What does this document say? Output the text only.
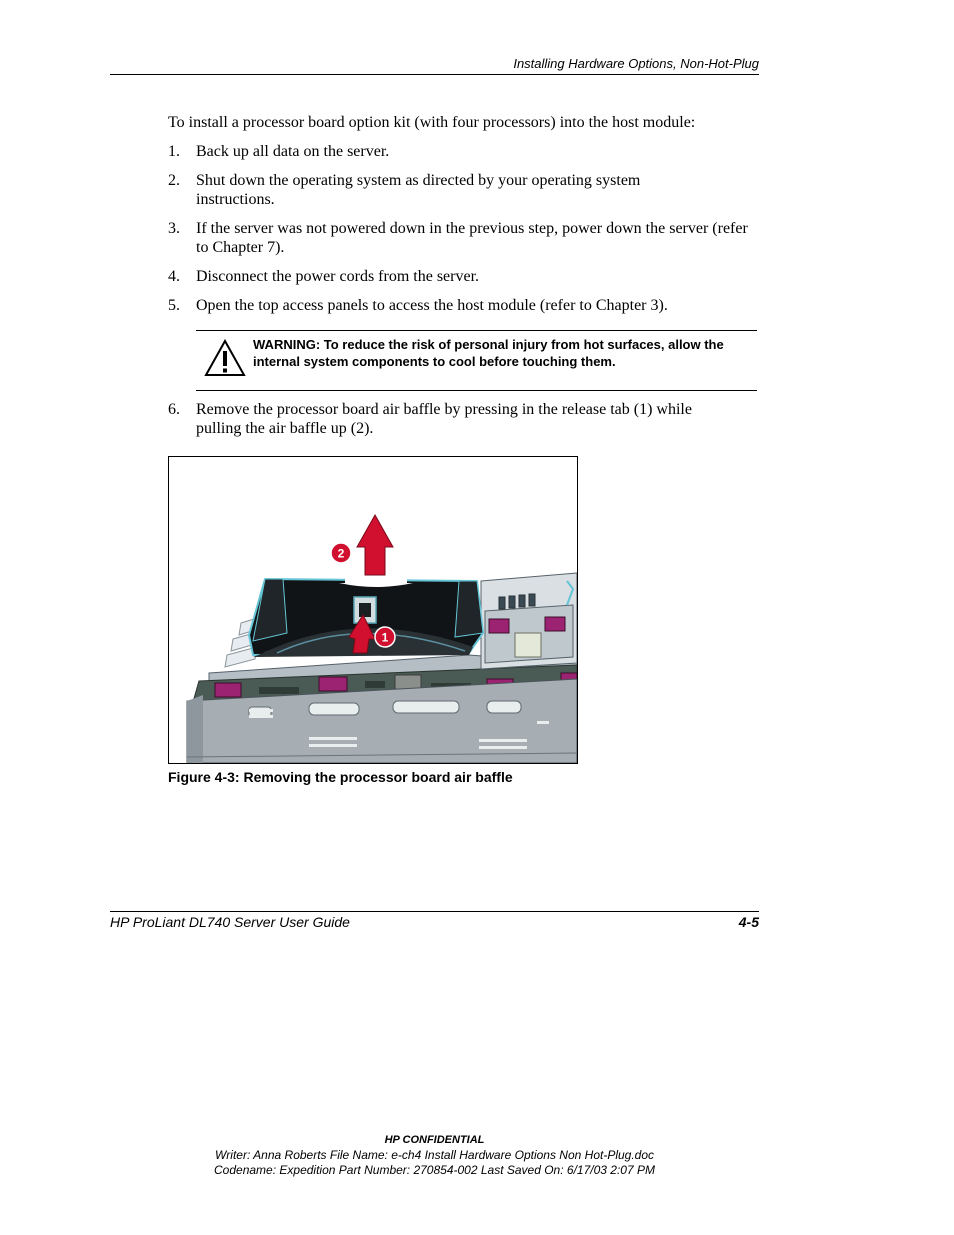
Installing Hardware Options, Non-Hot-Plug
To install a processor board option kit (with four processors) into the host module:
1.	Back up all data on the server.
2.	Shut down the operating system as directed by your operating system instructions.
3.	If the server was not powered down in the previous step, power down the server (refer to Chapter 7).
4.	Disconnect the power cords from the server.
5.	Open the top access panels to access the host module (refer to Chapter 3).
WARNING: To reduce the risk of personal injury from hot surfaces, allow the internal system components to cool before touching them.
6.	Remove the processor board air baffle by pressing in the release tab (1) while pulling the air baffle up (2).
2
1
Figure 4-3: Removing the processor board air baffle
HP ProLiant DL740 Server User Guide	4-5
HP CONFIDENTIAL
Writer: Anna Roberts File Name: e-ch4 Install Hardware Options Non Hot-Plug.doc
Codename: Expedition Part Number: 270854-002 Last Saved On: 6/17/03 2:07 PM
